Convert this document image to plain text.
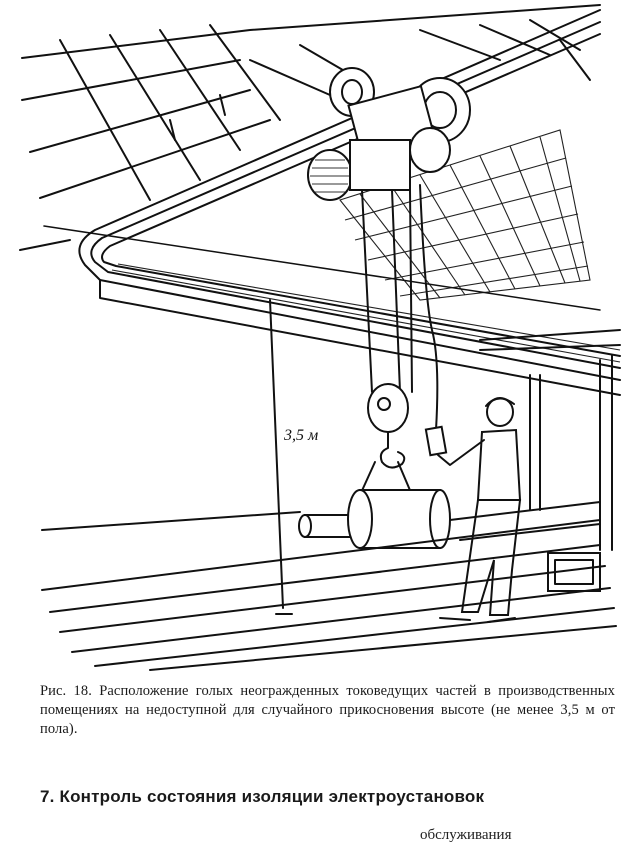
3,5 м
Рис. 18. Расположение голых неограждeнных токоведущих частей в производственных помещениях на недоступной для случайного прикосновения высоте (не менее 3,5 м от пола).
7. Контроль состояния изоляции электроустановок
обслуживания
